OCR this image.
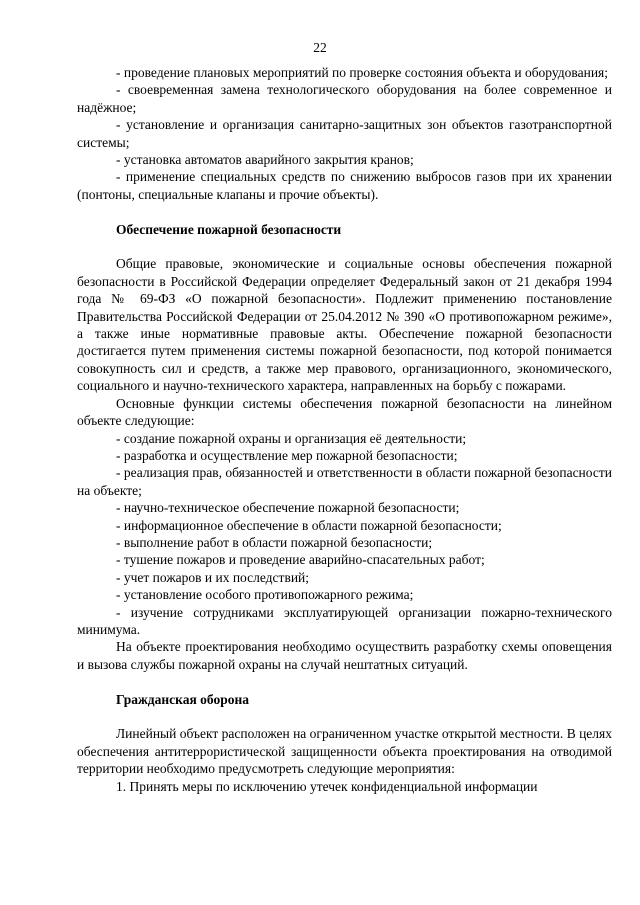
22

- проведение плановых мероприятий по проверке состояния объекта и оборудования;

- своевременная замена технологического оборудования на более современное и надёжное;

- установление и организация санитарно-защитных зон объектов газотранспортной системы;

- установка автоматов аварийного закрытия кранов;

- применение специальных средств по снижению выбросов газов при их хранении (понтоны, специальные клапаны и прочие объекты).

Обеспечение пожарной безопасности

Общие правовые, экономические и социальные основы обеспечения пожарной безопасности в Российской Федерации определяет Федеральный закон от 21 декабря 1994 года № 69-ФЗ «О пожарной безопасности». Подлежит применению постановление Правительства Российской Федерации от 25.04.2012 № 390 «О противопожарном режиме», а также иные нормативные правовые акты. Обеспечение пожарной безопасности достигается путем применения системы пожарной безопасности, под которой понимается совокупность сил и средств, а также мер правового, организационного, экономического, социального и научно-технического характера, направленных на борьбу с пожарами.

Основные функции системы обеспечения пожарной безопасности на линейном объекте следующие:

- создание пожарной охраны и организация её деятельности;

- разработка и осуществление мер пожарной безопасности;

- реализация прав, обязанностей и ответственности в области пожарной безопасности на объекте;

- научно-техническое обеспечение пожарной безопасности;

- информационное обеспечение в области пожарной безопасности;

- выполнение работ в области пожарной безопасности;

- тушение пожаров и проведение аварийно-спасательных работ;

- учет пожаров и их последствий;

- установление особого противопожарного режима;

- изучение сотрудниками эксплуатирующей организации пожарно-технического минимума.

На объекте проектирования необходимо осуществить разработку схемы оповещения и вызова службы пожарной охраны на случай нештатных ситуаций.

Гражданская оборона

Линейный объект расположен на ограниченном участке открытой местности. В целях обеспечения антитеррористической защищенности объекта проектирования на отводимой территории необходимо предусмотреть следующие мероприятия:

1. Принять меры по исключению утечек конфиденциальной информации
